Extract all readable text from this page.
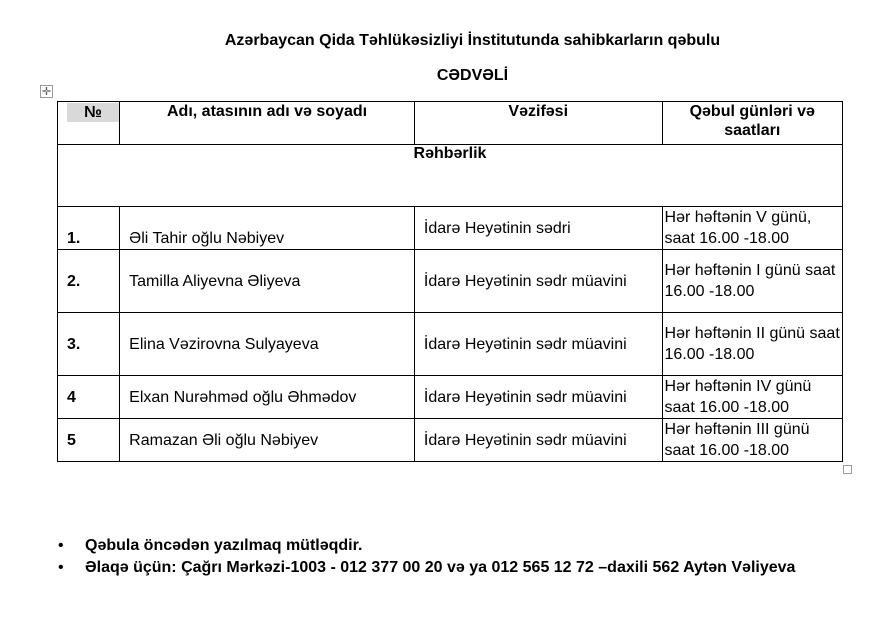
Azərbaycan Qida Təhlükəsizliyi İnstitutunda sahibkarların qəbulu
CƏDVƏLİ
✛
№	Adı, atasının adı və soyadı	Vəzifəsi	Qəbul günləri və saatları
Rəhbərlik			
1.	Əli Tahir oğlu Nəbiyev	İdarə Heyətinin sədri	Hər həftənin V günü, saat 16.00 -18.00
2.	Tamilla Aliyevna Əliyeva	İdarə Heyətinin sədr müavini	Hər həftənin I günü saat 16.00 -18.00
3.	Elina Vəzirovna Sulyayeva	İdarə Heyətinin sədr müavini	Hər həftənin II günü saat 16.00 -18.00
4	Elxan Nurəhməd oğlu Əhmədov	İdarə Heyətinin sədr müavini	Hər həftənin IV günü saat 16.00 -18.00
5	Ramazan Əli oğlu Nəbiyev	İdarə Heyətinin sədr müavini	Hər həftənin III günü saat 16.00 -18.00
• Qəbula öncədən yazılmaq mütləqdir.
• Əlaqə üçün: Çağrı Mərkəzi-1003 - 012 377 00 20 və ya 012 565 12 72 –daxili 562 Aytən Vəliyeva
